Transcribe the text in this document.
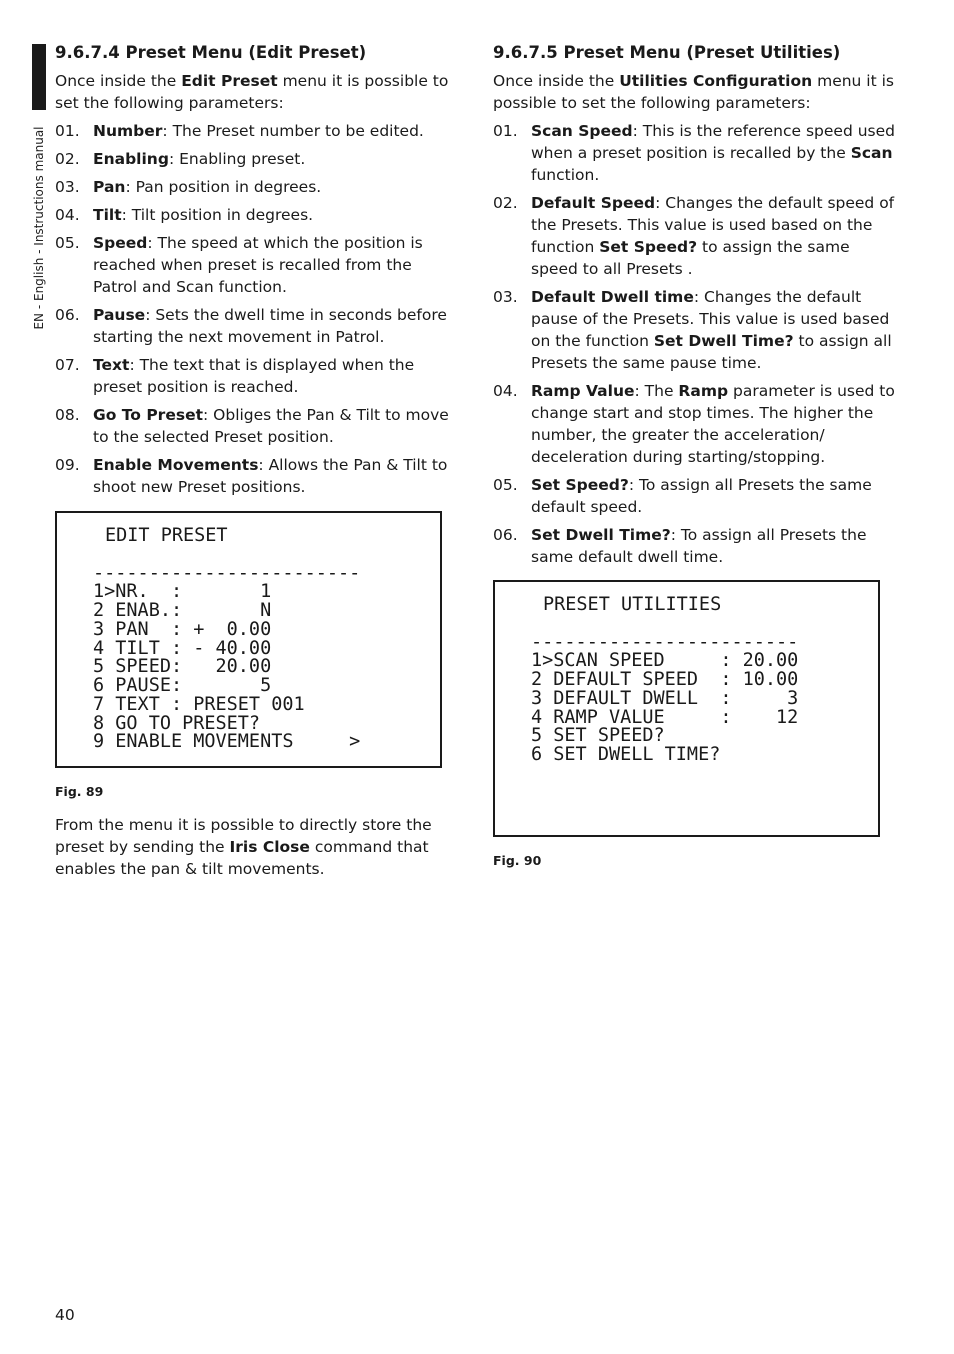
EN - English - Instructions manual
9.6.7.4 Preset Menu (Edit Preset)

Once inside the Edit Preset menu it is possible to set the following parameters:

01. Number: The Preset number to be edited.
02. Enabling: Enabling preset.
03. Pan: Pan position in degrees.
04. Tilt: Tilt position in degrees.
05. Speed: The speed at which the position is reached when preset is recalled from the Patrol and Scan function.
06. Pause: Sets the dwell time in seconds before starting the next movement in Patrol.
07. Text: The text that is displayed when the preset position is reached.
08. Go To Preset: Obliges the Pan & Tilt to move to the selected Preset position.
09. Enable Movements: Allows the Pan & Tilt to shoot new Preset positions.
EDIT PRESET

------------------------
1>NR.  :       1
2 ENAB.:       N
3 PAN  : +  0.00
4 TILT : - 40.00
5 SPEED:   20.00
6 PAUSE:       5
7 TEXT : PRESET 001
8 GO TO PRESET?
9 ENABLE MOVEMENTS     >
Fig. 89

From the menu it is possible to directly store the preset by sending the Iris Close command that enables the pan & tilt movements.

9.6.7.5 Preset Menu (Preset Utilities)

Once inside the Utilities Configuration menu it is possible to set the following parameters:

01. Scan Speed: This is the reference speed used when a preset position is recalled by the Scan function.
02. Default Speed: Changes the default speed of the Presets. This value is used based on the function Set Speed? to assign the same speed to all Presets .
03. Default Dwell time: Changes the default pause of the Presets. This value is used based on the function Set Dwell Time? to assign all Presets the same pause time.
04. Ramp Value: The Ramp parameter is used to change start and stop times. The higher the number, the greater the acceleration/ deceleration during starting/stopping.
05. Set Speed?: To assign all Presets the same default speed.
06. Set Dwell Time?: To assign all Presets the same default dwell time.
PRESET UTILITIES

------------------------
1>SCAN SPEED     : 20.00
2 DEFAULT SPEED  : 10.00
3 DEFAULT DWELL  :     3
4 RAMP VALUE     :    12
5 SET SPEED?
6 SET DWELL TIME?
Fig. 90
40
